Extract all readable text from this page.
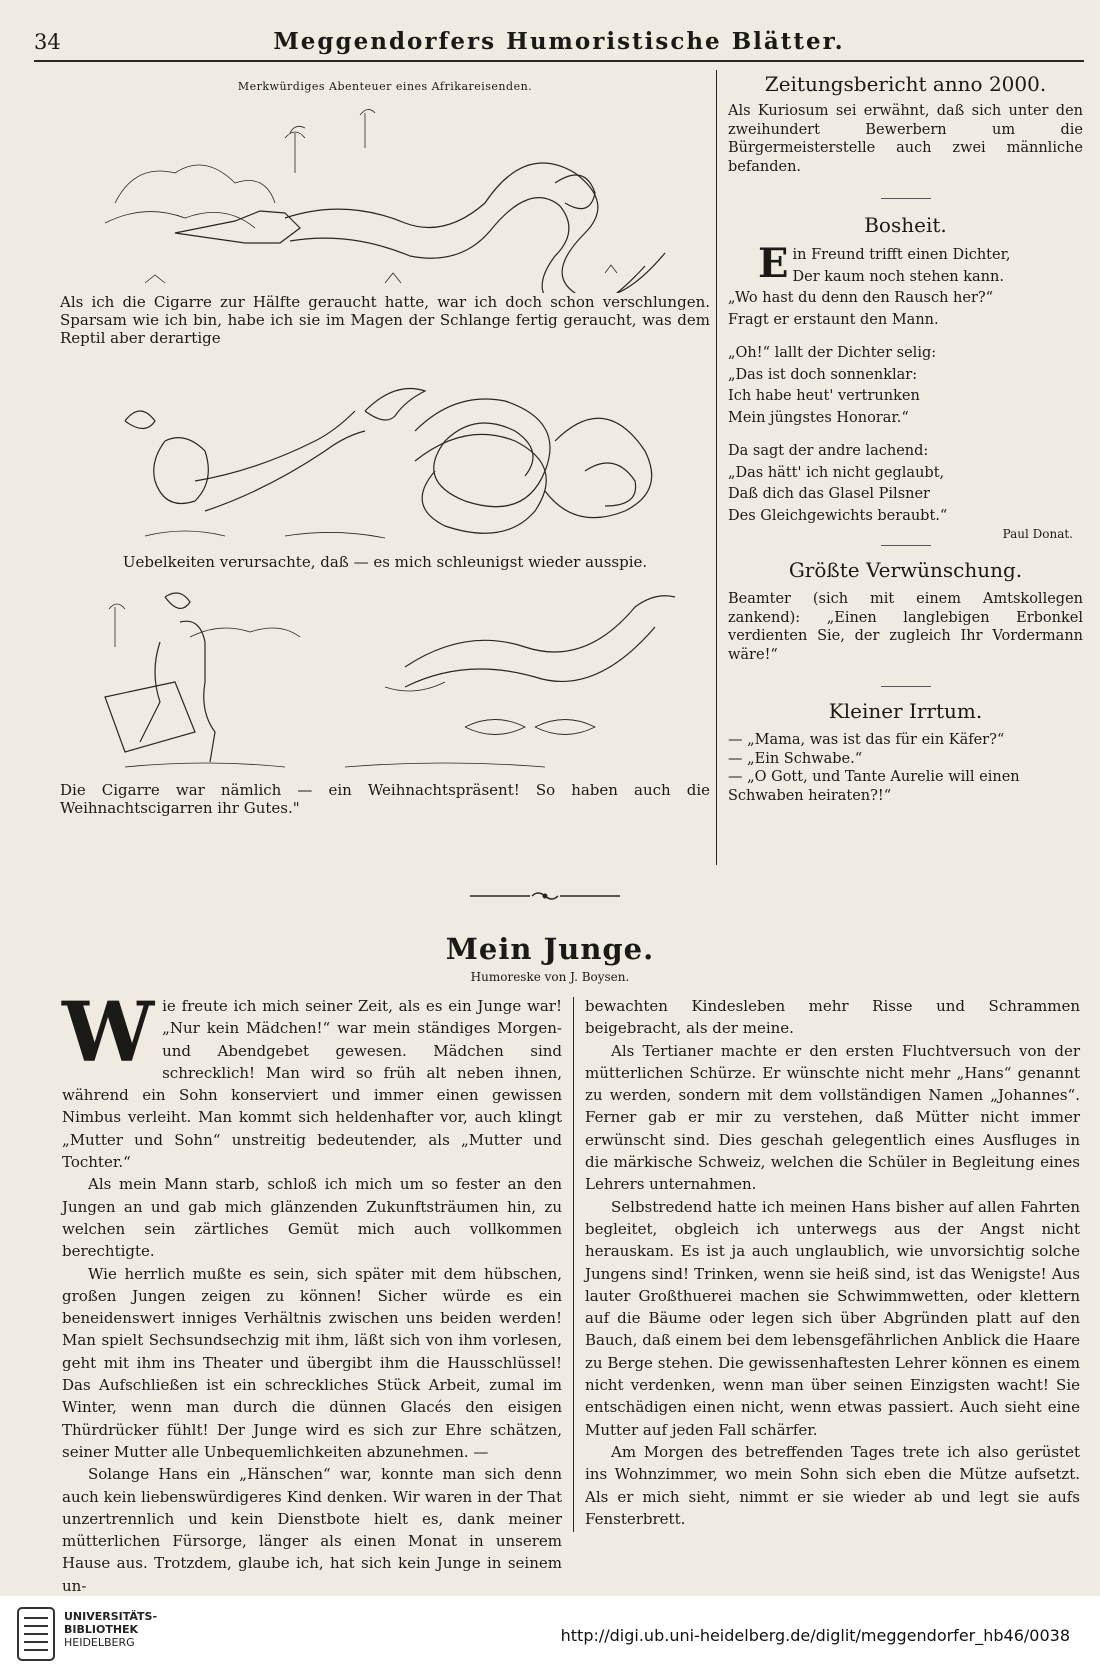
34	Meggendorfers Humoristische Blätter.

Merkwürdiges Abenteuer eines Afrikareisenden.

Als ich die Cigarre zur Hälfte geraucht hatte, war ich doch schon verschlungen. Sparsam wie ich bin, habe ich sie im Magen der Schlange fertig geraucht, was dem Reptil aber derartige

Uebelkeiten verursachte, daß — es mich schleunigst wieder ausspie.

Die Cigarre war nämlich — ein Weihnachtspräsent! So haben auch die Weihnachtscigarren ihr Gutes."

Zeitungsbericht anno 2000.

Als Kuriosum sei erwähnt, daß sich unter den zweihundert Bewerbern um die Bürgermeisterstelle auch zwei männliche befanden.

Bosheit.

E in Freund trifft einen Dichter,
Der kaum noch stehen kann.
„Wo hast du denn den Rausch her?“
Fragt er erstaunt den Mann.
„Oh!“ lallt der Dichter selig:
„Das ist doch sonnenklar:
Ich habe heut' vertrunken
Mein jüngstes Honorar.“
Da sagt der andre lachend:
„Das hätt' ich nicht geglaubt,
Daß dich das Glasel Pilsner
Des Gleichgewichts beraubt.“

Paul Donat.

Größte Verwünschung.

Beamter (sich mit einem Amtskollegen zankend): „Einen langlebigen Erbonkel verdienten Sie, der zugleich Ihr Vordermann wäre!“

Kleiner Irrtum.

— „Mama, was ist das für ein Käfer?“
— „Ein Schwabe.“
— „O Gott, und Tante Aurelie will einen Schwaben heiraten?!“
Mein Junge.
Humoreske von J. Boysen.

Wie freute ich mich seiner Zeit, als es ein Junge war! „Nur kein Mädchen!“ war mein ständiges Morgen- und Abendgebet gewesen. Mädchen sind schrecklich! Man wird so früh alt neben ihnen, während ein Sohn konserviert und immer einen gewissen Nimbus verleiht. Man kommt sich heldenhafter vor, auch klingt „Mutter und Sohn“ unstreitig bedeutender, als „Mutter und Tochter.“

Als mein Mann starb, schloß ich mich um so fester an den Jungen an und gab mich glänzenden Zukunftsträumen hin, zu welchen sein zärtliches Gemüt mich auch vollkommen berechtigte.

Wie herrlich mußte es sein, sich später mit dem hübschen, großen Jungen zeigen zu können! Sicher würde es ein beneidenswert inniges Verhältnis zwischen uns beiden werden! Man spielt Sechsundsechzig mit ihm, läßt sich von ihm vorlesen, geht mit ihm ins Theater und übergibt ihm die Hausschlüssel! Das Aufschließen ist ein schreckliches Stück Arbeit, zumal im Winter, wenn man durch die dünnen Glacés den eisigen Thürdrücker fühlt! Der Junge wird es sich zur Ehre schätzen, seiner Mutter alle Unbequemlichkeiten abzunehmen. —

Solange Hans ein „Hänschen“ war, konnte man sich denn auch kein liebenswürdigeres Kind denken. Wir waren in der That unzertrennlich und kein Dienstbote hielt es, dank meiner mütterlichen Fürsorge, länger als einen Monat in unserem Hause aus. Trotzdem, glaube ich, hat sich kein Junge in seinem un-

bewachten Kindesleben mehr Risse und Schrammen beigebracht, als der meine.

Als Tertianer machte er den ersten Fluchtversuch von der mütterlichen Schürze. Er wünschte nicht mehr „Hans“ genannt zu werden, sondern mit dem vollständigen Namen „Johannes“. Ferner gab er mir zu verstehen, daß Mütter nicht immer erwünscht sind. Dies geschah gelegentlich eines Ausfluges in die märkische Schweiz, welchen die Schüler in Begleitung eines Lehrers unternahmen.

Selbstredend hatte ich meinen Hans bisher auf allen Fahrten begleitet, obgleich ich unterwegs aus der Angst nicht herauskam. Es ist ja auch unglaublich, wie unvorsichtig solche Jungens sind! Trinken, wenn sie heiß sind, ist das Wenigste! Aus lauter Großthuerei machen sie Schwimmwetten, oder klettern auf die Bäume oder legen sich über Abgründen platt auf den Bauch, daß einem bei dem lebensgefährlichen Anblick die Haare zu Berge stehen. Die gewissenhaftesten Lehrer können es einem nicht verdenken, wenn man über seinen Einzigsten wacht! Sie entschädigen einen nicht, wenn etwas passiert. Auch sieht eine Mutter auf jeden Fall schärfer.

Am Morgen des betreffenden Tages trete ich also gerüstet ins Wohnzimmer, wo mein Sohn sich eben die Mütze aufsetzt. Als er mich sieht, nimmt er sie wieder ab und legt sie aufs Fensterbrett.

UNIVERSITÄTS-
BIBLIOTHEK
HEIDELBERG	http://digi.ub.uni-heidelberg.de/diglit/meggendorfer_hb46/0038
